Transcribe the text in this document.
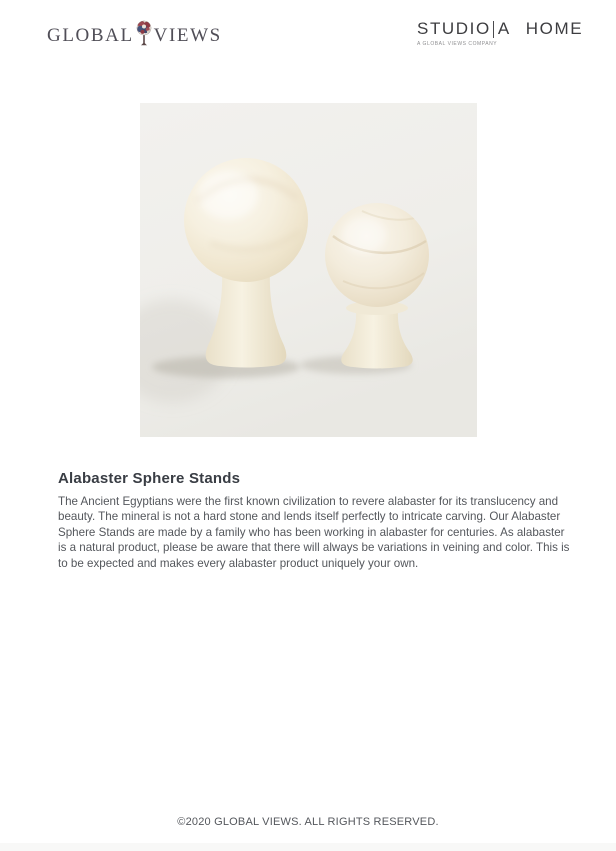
GLOBAL VIEWS	STUDIO A HOME
A GLOBAL VIEWS COMPANY
Alabaster Sphere Stands

The Ancient Egyptians were the first known civilization to revere alabaster for its translucency and beauty. The mineral is not a hard stone and lends itself perfectly to intricate carving. Our Alabaster Sphere Stands are made by a family who has been working in alabaster for centuries. As alabaster is a natural product, please be aware that there will always be variations in veining and color. This is to be expected and makes every alabaster product uniquely your own.

©2020 GLOBAL VIEWS. ALL RIGHTS RESERVED.
